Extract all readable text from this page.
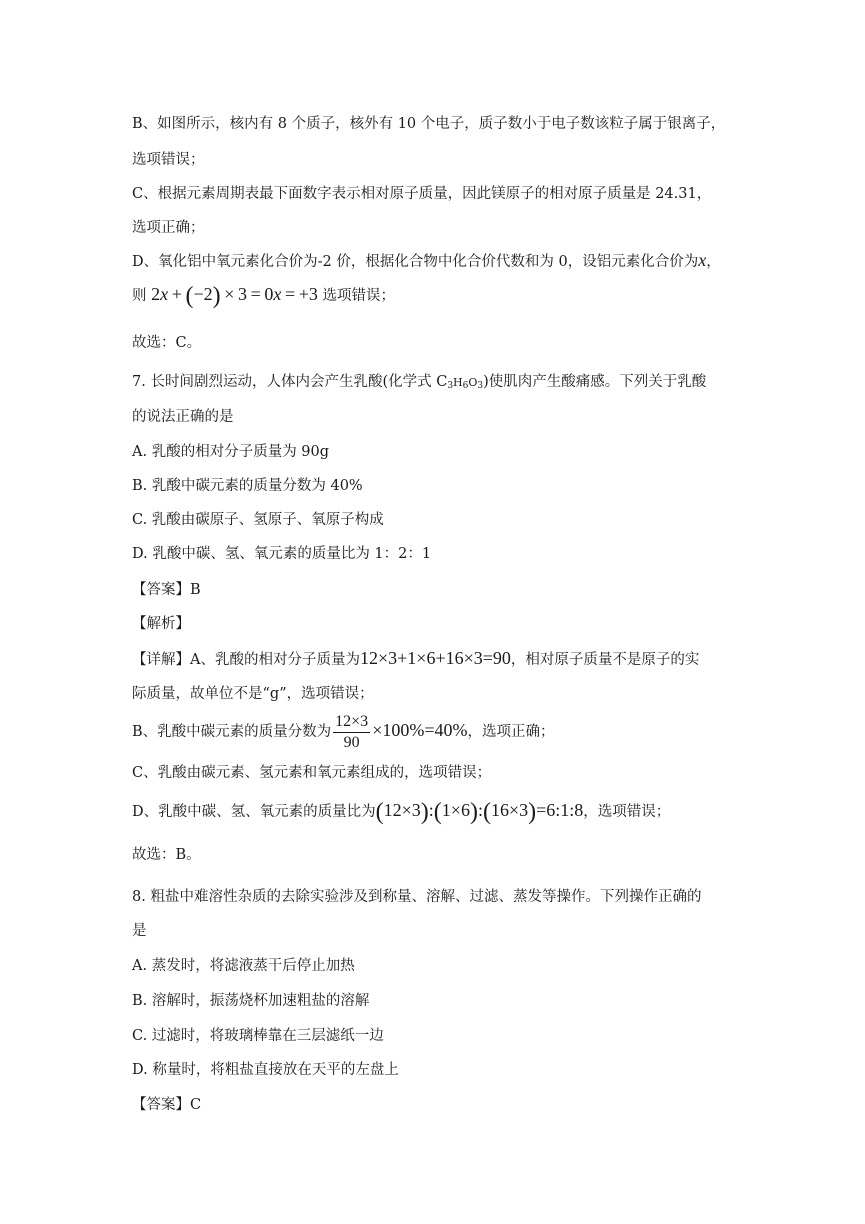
B、如图所示，核内有 8 个质子，核外有 10 个电子，质子数小于电子数该粒子属于银离子，
选项错误；
C、根据元素周期表最下面数字表示相对原子质量，因此镁原子的相对原子质量是 24.31，
选项正确；
D、氧化铝中氧元素化合价为-2 价，根据化合物中化合价代数和为 0，设铝元素化合价为x，
则 2x + (−2) × 3 = 0x = +3 选项错误；
故选：C。
7. 长时间剧烈运动，人体内会产生乳酸(化学式 $C_3H_6O_3$)使肌肉产生酸痛感。下列关于乳酸
的说法正确的是
A. 乳酸的相对分子质量为 90g
B. 乳酸中碳元素的质量分数为 40%
C. 乳酸由碳原子、氢原子、氧原子构成
D. 乳酸中碳、氢、氧元素的质量比为 1：2：1
【答案】B
【解析】
【详解】A、乳酸的相对分子质量为12×3+1×6+16×3=90，相对原子质量不是原子的实
际质量，故单位不是“g”，选项错误；
B、乳酸中碳元素的质量分数为 $\frac{12\times 3}{90} \times 100\%=40\%$，选项正确；
C、乳酸由碳元素、氢元素和氧元素组成的，选项错误；
D、乳酸中碳、氢、氧元素的质量比为(12×3):(1×6):(16×3)=6:1:8，选项错误；
故选：B。
8. 粗盐中难溶性杂质的去除实验涉及到称量、溶解、过滤、蒸发等操作。下列操作正确的
是
A. 蒸发时，将滤液蒸干后停止加热
B. 溶解时，振荡烧杯加速粗盐的溶解
C. 过滤时，将玻璃棒靠在三层滤纸一边
D. 称量时，将粗盐直接放在天平的左盘上
【答案】C
